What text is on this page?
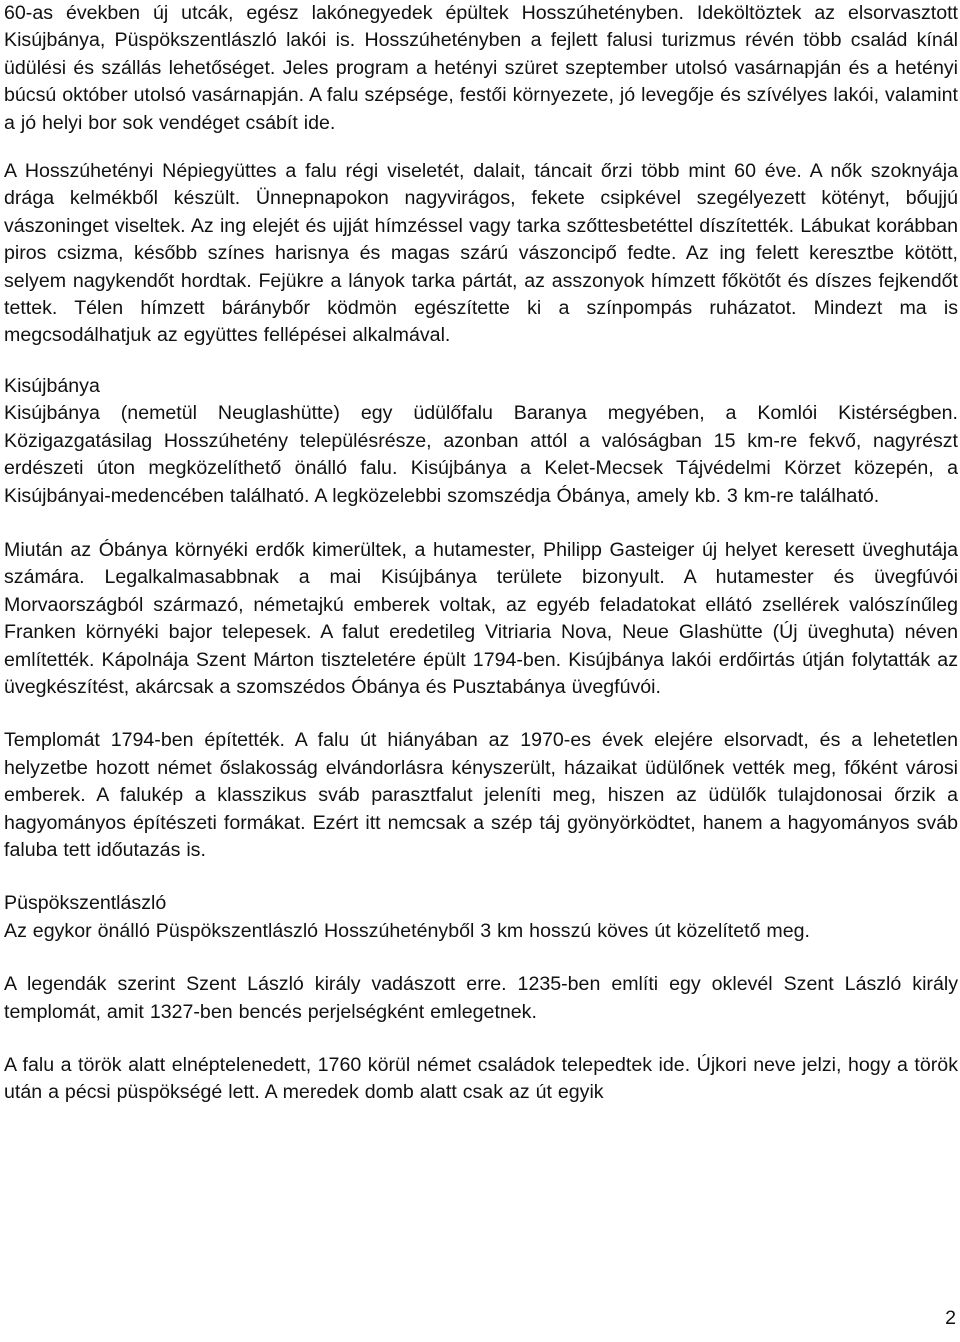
60-as években új utcák, egész lakónegyedek épültek Hosszúhetényben. Ideköltöztek az elsorvasztott Kisújbánya, Püspökszentlászló lakói is. Hosszúhetényben a fejlett falusi turizmus révén több család kínál üdülési és szállás lehetőséget. Jeles program a hetényi szüret szeptember utolsó vasárnapján és a hetényi búcsú október utolsó vasárnapján. A falu szépsége, festői környezete, jó levegője és szívélyes lakói, valamint a jó helyi bor sok vendéget csábít ide.

A Hosszúhetényi Népiegyüttes a falu régi viseletét, dalait, táncait őrzi több mint 60 éve. A nők szoknyája drága kelmékből készült. Ünnepnapokon nagyvirágos, fekete csipkével szegélyezett kötényt, bőujjú vászoninget viseltek. Az ing elejét és ujját hímzéssel vagy tarka szőttesbetéttel díszítették. Lábukat korábban piros csizma, később színes harisnya és magas szárú vászoncipő fedte. Az ing felett keresztbe kötött, selyem nagykendőt hordtak. Fejükre a lányok tarka pártát, az asszonyok hímzett főkötőt és díszes fejkendőt tettek. Télen hímzett báránybőr ködmön egészítette ki a színpompás ruházatot. Mindezt ma is megcsodálhatjuk az együttes fellépései alkalmával.

Kisújbánya

Kisújbánya (nemetül Neuglashütte) egy üdülőfalu Baranya megyében, a Komlói Kistérségben. Közigazgatásilag Hosszúhetény településrésze, azonban attól a valóságban 15 km-re fekvő, nagyrészt erdészeti úton megközelíthető önálló falu. Kisújbánya a Kelet-Mecsek Tájvédelmi Körzet közepén, a Kisújbányai-medencében található. A legközelebbi szomszédja Óbánya, amely kb. 3 km-re található.

Miután az Óbánya környéki erdők kimerültek, a hutamester, Philipp Gasteiger új helyet keresett üveghutája számára. Legalkalmasabbnak a mai Kisújbánya területe bizonyult. A hutamester és üvegfúvói Morvaországból származó, németajkú emberek voltak, az egyéb feladatokat ellátó zsellérek valószínűleg Franken környéki bajor telepesek. A falut eredetileg Vitriaria Nova, Neue Glashütte (Új üveghuta) néven említették. Kápolnája Szent Márton tiszteletére épült 1794-ben. Kisújbánya lakói erdőirtás útján folytatták az üvegkészítést, akárcsak a szomszédos Óbánya és Pusztabánya üvegfúvói.

Templomát 1794-ben építették. A falu út hiányában az 1970-es évek elejére elsorvadt, és a lehetetlen helyzetbe hozott német őslakosság elvándorlásra kényszerült, házaikat üdülőnek vették meg, főként városi emberek. A falukép a klasszikus sváb parasztfalut jeleníti meg, hiszen az üdülők tulajdonosai őrzik a hagyományos építészeti formákat. Ezért itt nemcsak a szép táj gyönyörködtet, hanem a hagyományos sváb faluba tett időutazás is.

Püspökszentlászló

Az egykor önálló Püspökszentlászló Hosszúhetényből 3 km hosszú köves út közelítető meg.

A legendák szerint Szent László király vadászott erre. 1235-ben említi egy oklevél Szent László király templomát, amit 1327-ben bencés perjelségként emlegetnek.

A falu a török alatt elnéptelenedett, 1760 körül német családok telepedtek ide. Újkori neve jelzi, hogy a török után a pécsi püspökségé lett. A meredek domb alatt csak az út egyik

2
